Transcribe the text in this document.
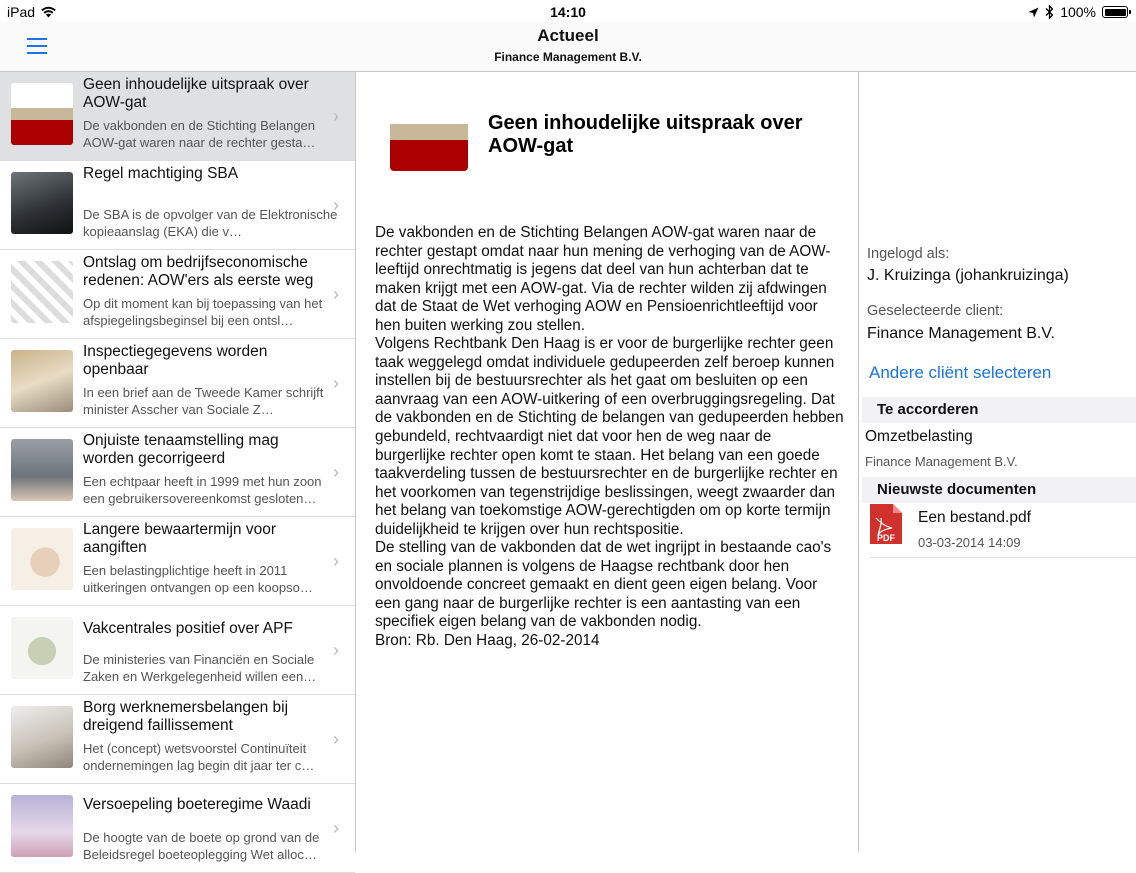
iPad	14:10	100%
Actueel
Finance Management B.V.
Geen inhoudelijke uitspraak over AOW-gat
De vakbonden en de Stichting Belangen AOW-gat waren naar de rechter gesta…
›
Regel machtiging SBA
De SBA is de opvolger van de Elektronische kopieaanslag (EKA) die v…
›
Ontslag om bedrijfseconomische redenen: AOW'ers als eerste weg
Op dit moment kan bij toepassing van het afspiegelingsbeginsel bij een ontsl…
›
Inspectiegegevens worden openbaar
In een brief aan de Tweede Kamer schrijft minister Asscher van Sociale Z…
›
Onjuiste tenaamstelling mag worden gecorrigeerd
Een echtpaar heeft in 1999 met hun zoon een gebruikersovereenkomst gesloten…
›
Langere bewaartermijn voor aangiften
Een belastingplichtige heeft in 2011 uitkeringen ontvangen op een koopso…
›
Vakcentrales positief over APF
De ministeries van Financiën en Sociale Zaken en Werkgelegenheid willen een…
›
Borg werknemersbelangen bij dreigend faillissement
Het (concept) wetsvoorstel Continuïteit ondernemingen lag begin dit jaar ter c…
›
Versoepeling boeteregime Waadi
De hoogte van de boete op grond van de Beleidsregel boeteoplegging Wet alloc…
›
Geen inhoudelijke uitspraak over AOW-gat
De vakbonden en de Stichting Belangen AOW-gat waren naar de rechter gestapt omdat naar hun mening de verhoging van de AOW-leeftijd onrechtmatig is jegens dat deel van hun achterban dat te maken krijgt met een AOW-gat. Via de rechter wilden zij afdwingen dat de Staat de Wet verhoging AOW en Pensioenrichtleeftijd voor hen buiten werking zou stellen.
Volgens Rechtbank Den Haag is er voor de burgerlijke rechter geen taak weggelegd omdat individuele gedupeerden zelf beroep kunnen instellen bij de bestuursrechter als het gaat om besluiten op een aanvraag van een AOW-uitkering of een overbruggingsregeling. Dat de vakbonden en de Stichting de belangen van gedupeerden hebben gebundeld, rechtvaardigt niet dat voor hen de weg naar de burgerlijke rechter open komt te staan. Het belang van een goede taakverdeling tussen de bestuursrechter en de burgerlijke rechter en het voorkomen van tegenstrijdige beslissingen, weegt zwaarder dan het belang van toekomstige AOW-gerechtigden om op korte termijn duidelijkheid te krijgen over hun rechtspositie.
De stelling van de vakbonden dat de wet ingrijpt in bestaande cao's en sociale plannen is volgens de Haagse rechtbank door hen onvoldoende concreet gemaakt en dient geen eigen belang. Voor een gang naar de burgerlijke rechter is een aantasting van een specifiek eigen belang van de vakbonden nodig.
Bron: Rb. Den Haag, 26-02-2014
Ingelogd als:
J. Kruizinga (johankruizinga)
Geselecteerde client:
Finance Management B.V.
Andere cliënt selecteren
Te accorderen
Omzetbelasting
Finance Management B.V.
Nieuwste documenten
PDF
Een bestand.pdf
03-03-2014 14:09
